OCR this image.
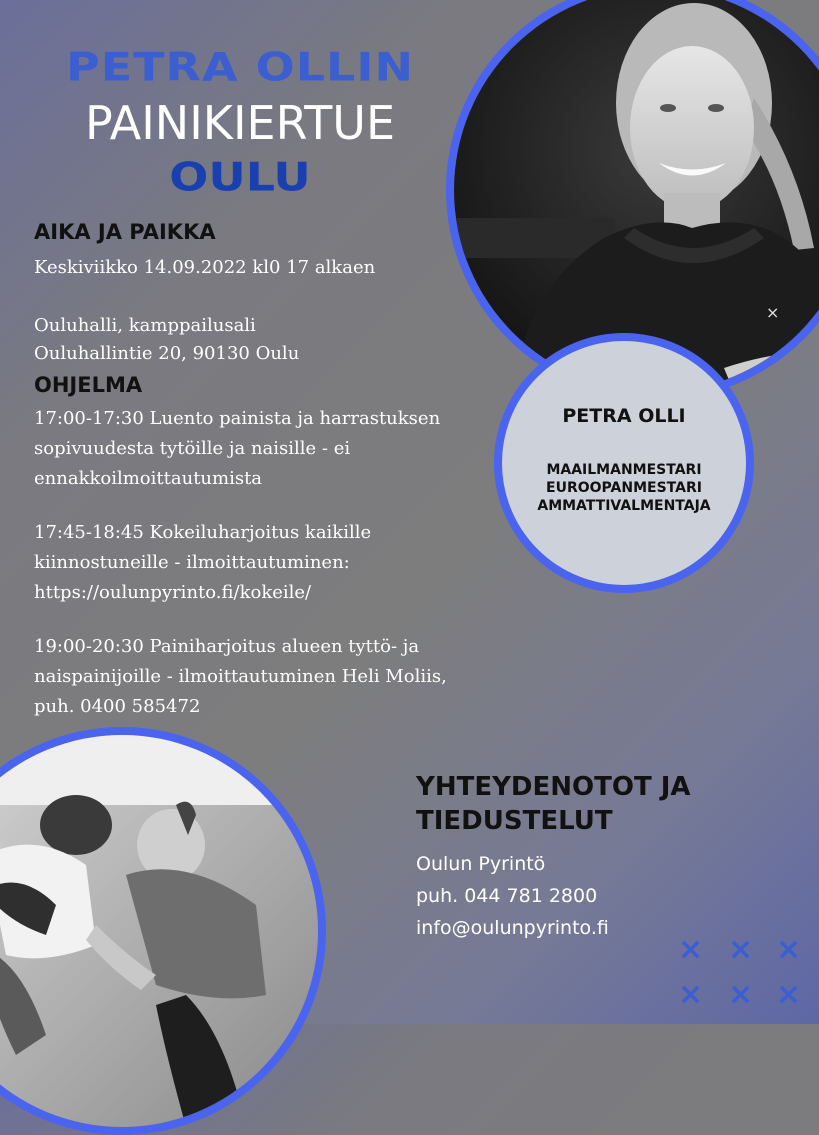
PETRA OLLIN
PAINIKIERTUE
OULU
AIKA JA PAIKKA
Keskiviikko 14.09.2022 kl0 17 alkaen
Ouluhalli, kamppailusali
Ouluhallintie 20, 90130 Oulu
OHJELMA
17:00-17:30 Luento painista ja harrastuksen
sopivuudesta tytöille ja naisille - ei
ennakkoilmoittautumista
17:45-18:45 Kokeiluharjoitus kaikille
kiinnostuneille - ilmoittautuminen:
https://oulunpyrinto.fi/kokeile/
19:00-20:30 Painiharjoitus alueen tyttö- ja
naispainijoille - ilmoittautuminen Heli Moliis,
puh. 0400 585472
×
PETRA OLLI
MAAILMANMESTARI
EUROOPANMESTARI
AMMATTIVALMENTAJA
YHTEYDENOTOT JA
TIEDUSTELUT
Oulun Pyrintö
puh. 044 781 2800
info@oulunpyrinto.fi
× × ×
× × ×
